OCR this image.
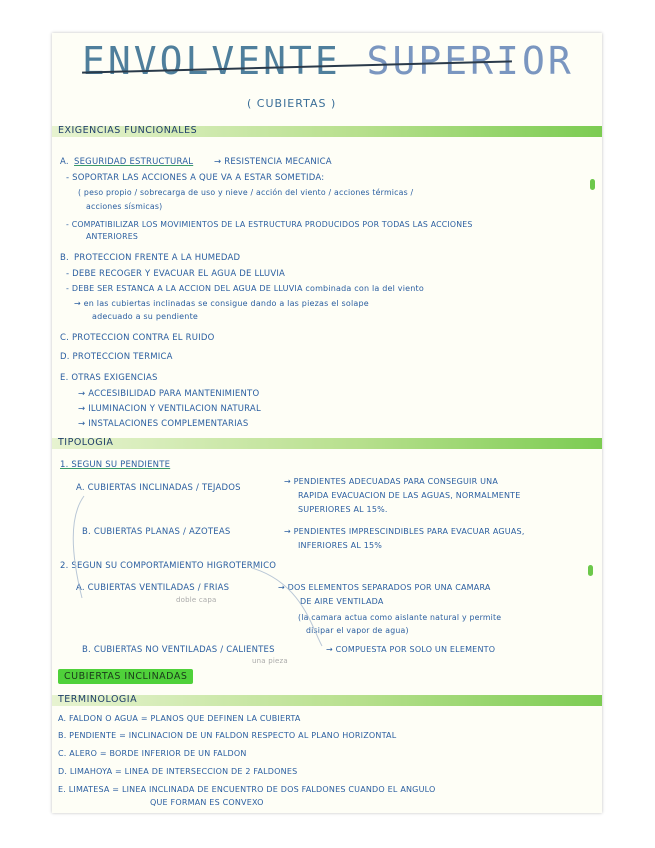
ENVOLVENTE SUPERIOR
( CUBIERTAS )
EXIGENCIAS FUNCIONALES
A. SEGURIDAD ESTRUCTURAL → RESISTENCIA MECANICA
- SOPORTAR LAS ACCIONES A QUE VA A ESTAR SOMETIDA:
( peso propio / sobrecarga de uso y nieve / acción del viento / acciones térmicas /
acciones sísmicas)
- COMPATIBILIZAR LOS MOVIMIENTOS DE LA ESTRUCTURA PRODUCIDOS POR TODAS LAS ACCIONES
ANTERIORES
B. PROTECCION FRENTE A LA HUMEDAD
- DEBE RECOGER Y EVACUAR EL AGUA DE LLUVIA
- DEBE SER ESTANCA A LA ACCION DEL AGUA DE LLUVIA combinada con la del viento
→ en las cubiertas inclinadas se consigue dando a las piezas el solape
adecuado a su pendiente
C. PROTECCION CONTRA EL RUIDO
D. PROTECCION TERMICA
E. OTRAS EXIGENCIAS
→ ACCESIBILIDAD PARA MANTENIMIENTO
→ ILUMINACION Y VENTILACION NATURAL
→ INSTALACIONES COMPLEMENTARIAS
TIPOLOGIA
1. SEGUN SU PENDIENTE
A. CUBIERTAS INCLINADAS / TEJADOS
→ PENDIENTES ADECUADAS PARA CONSEGUIR UNA
RAPIDA EVACUACION DE LAS AGUAS, NORMALMENTE
SUPERIORES AL 15%.
B. CUBIERTAS PLANAS / AZOTEAS	→ PENDIENTES IMPRESCINDIBLES PARA EVACUAR AGUAS,
INFERIORES AL 15%
2. SEGUN SU COMPORTAMIENTO HIGROTERMICO
A. CUBIERTAS VENTILADAS / FRIAS
doble capa
→ DOS ELEMENTOS SEPARADOS POR UNA CAMARA
DE AIRE VENTILADA
(la camara actua como aislante natural y permite
disipar el vapor de agua)
B. CUBIERTAS NO VENTILADAS / CALIENTES
una pieza
→ COMPUESTA POR SOLO UN ELEMENTO
CUBIERTAS INCLINADAS
TERMINOLOGIA
A. FALDON O AGUA = PLANOS QUE DEFINEN LA CUBIERTA
B. PENDIENTE = INCLINACION DE UN FALDON RESPECTO AL PLANO HORIZONTAL
C. ALERO = BORDE INFERIOR DE UN FALDON
D. LIMAHOYA = LINEA DE INTERSECCION DE 2 FALDONES
E. LIMATESA = LINEA INCLINADA DE ENCUENTRO DE DOS FALDONES CUANDO EL ANGULO
QUE FORMAN ES CONVEXO
